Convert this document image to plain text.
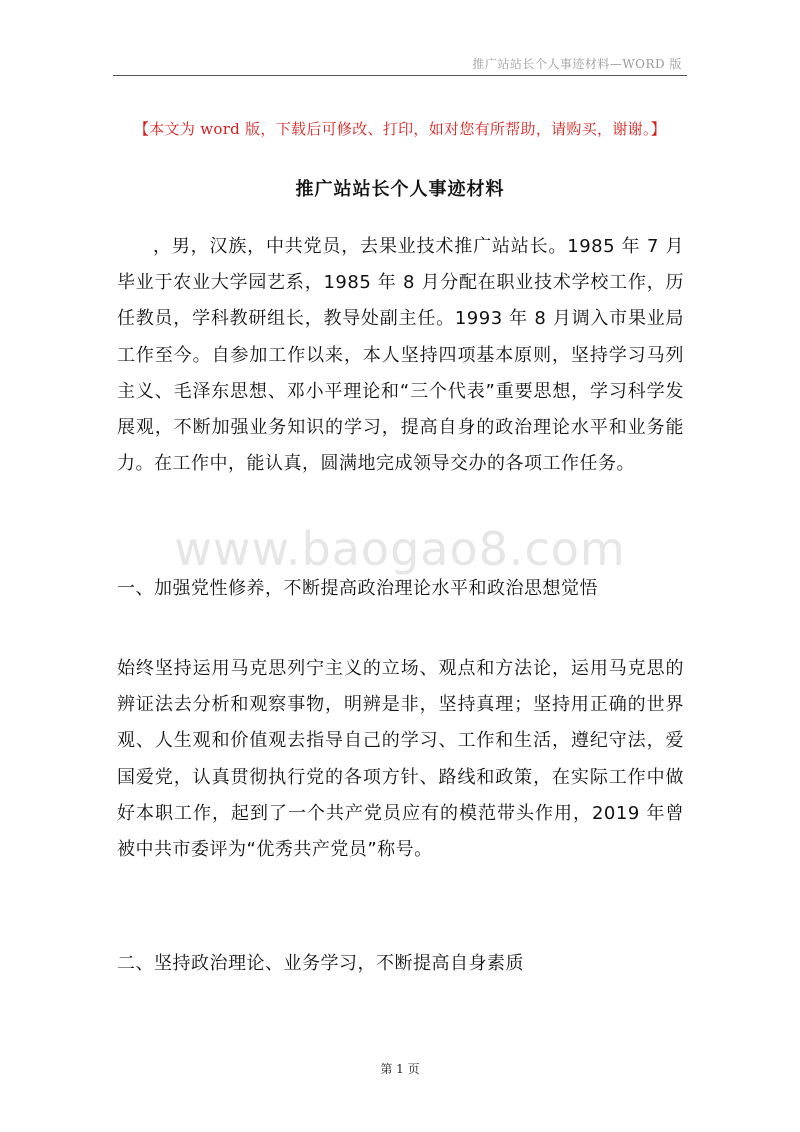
推广站站长个人事迹材料—WORD 版
【本文为 word 版，下载后可修改、打印，如对您有所帮助，请购买，谢谢。】
推广站站长个人事迹材料

，男，汉族，中共党员，去果业技术推广站站长。1985 年 7 月毕业于农业大学园艺系，1985 年 8 月分配在职业技术学校工作，历任教员，学科教研组长，教导处副主任。1993 年 8 月调入市果业局工作至今。自参加工作以来，本人坚持四项基本原则，坚持学习马列主义、毛泽东思想、邓小平理论和“三个代表”重要思想，学习科学发展观，不断加强业务知识的学习，提高自身的政治理论水平和业务能力。在工作中，能认真，圆满地完成领导交办的各项工作任务。

www.baogao8.com
一、加强党性修养，不断提高政治理论水平和政治思想觉悟

始终坚持运用马克思列宁主义的立场、观点和方法论，运用马克思的辨证法去分析和观察事物，明辨是非，坚持真理；坚持用正确的世界观、人生观和价值观去指导自己的学习、工作和生活，遵纪守法，爱国爱党，认真贯彻执行党的各项方针、路线和政策，在实际工作中做好本职工作，起到了一个共产党员应有的模范带头作用，2019 年曾被中共市委评为“优秀共产党员”称号。

二、坚持政治理论、业务学习，不断提高自身素质
第 1 页
